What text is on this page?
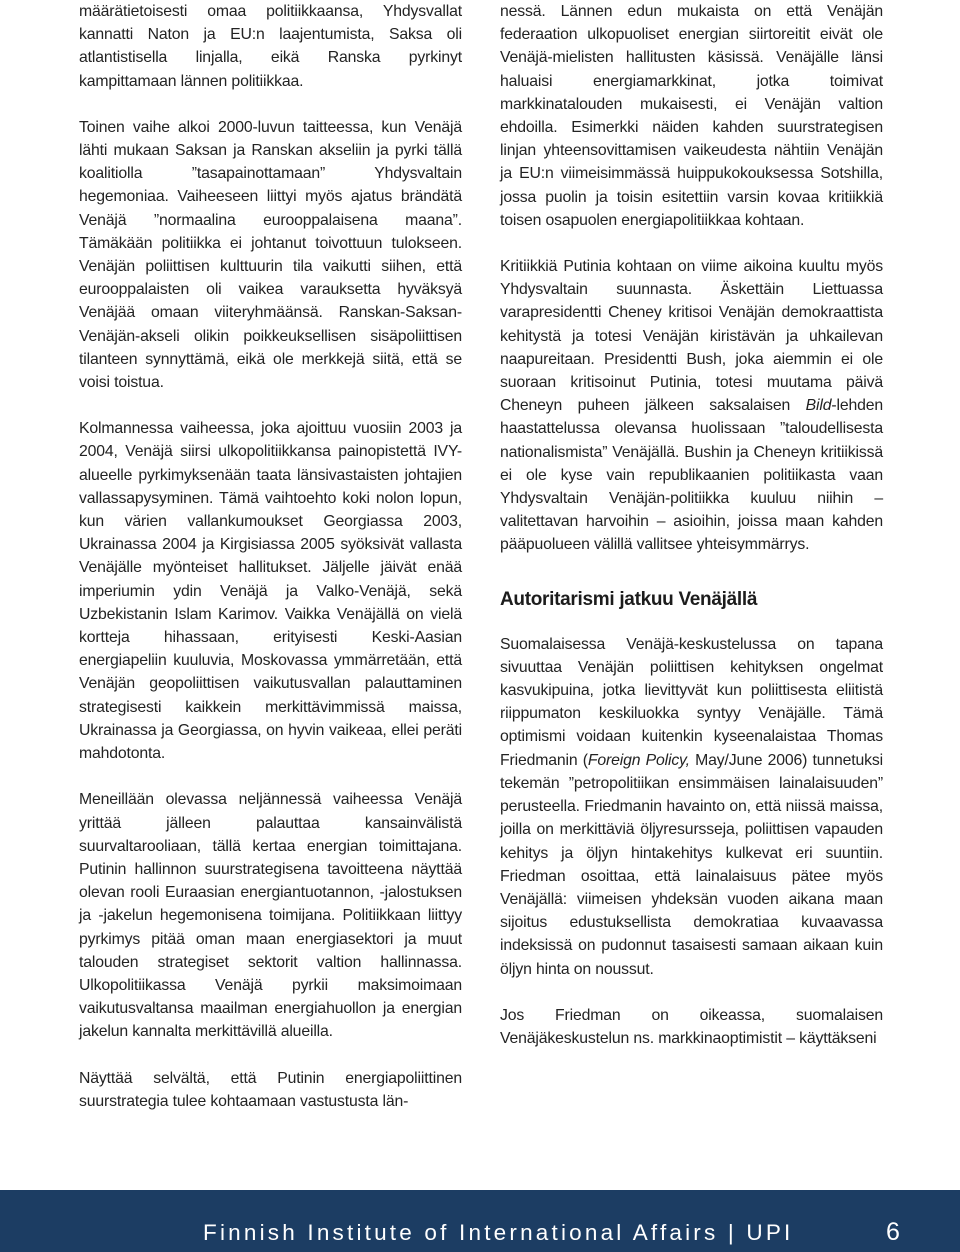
määrätietoisesti omaa politiikkaansa, Yhdysvallat kannatti Naton ja EU:n laajentumista, Saksa oli atlantistisella linjalla, eikä Ranska pyrkinyt kampittamaan lännen politiikkaa.

Toinen vaihe alkoi 2000-luvun taitteessa, kun Venäjä lähti mukaan Saksan ja Ranskan akseliin ja pyrki tällä koalitiolla ”tasapainottamaan” Yhdysvaltain hegemoniaa. Vaiheeseen liittyi myös ajatus brändätä Venäjä ”normaalina eurooppalaisena maana”. Tämäkään politiikka ei johtanut toivottuun tulokseen. Venäjän poliittisen kulttuurin tila vaikutti siihen, että eurooppalaisten oli vaikea varauksetta hyväksyä Venäjää omaan viiteryhmäänsä. Ranskan-Saksan-Venäjän-akseli olikin poikkeuksellisen sisäpoliittisen tilanteen synnyttämä, eikä ole merkkejä siitä, että se voisi toistua.

Kolmannessa vaiheessa, joka ajoittuu vuosiin 2003 ja 2004, Venäjä siirsi ulkopolitiikkansa painopistettä IVY-alueelle pyrkimyksenään taata länsivastaisten johtajien vallassapysyminen. Tämä vaihtoehto koki nolon lopun, kun värien vallankumoukset Georgiassa 2003, Ukrainassa 2004 ja Kirgisiassa 2005 syöksivät vallasta Venäjälle myönteiset hallitukset. Jäljelle jäivät enää imperiumin ydin Venäjä ja Valko-Venäjä, sekä Uzbekistanin Islam Karimov. Vaikka Venäjällä on vielä kortteja hihassaan, erityisesti Keski-Aasian energiapeliin kuuluvia, Moskovassa ymmärretään, että Venäjän geopoliittisen vaikutusvallan palauttaminen strategisesti kaikkein merkittävimmissä maissa, Ukrainassa ja Georgiassa, on hyvin vaikeaa, ellei peräti mahdotonta.

Meneillään olevassa neljännessä vaiheessa Venäjä yrittää jälleen palauttaa kansainvälistä suurvaltarooliaan, tällä kertaa energian toimittajana. Putinin hallinnon suurstrategisena tavoitteena näyttää olevan rooli Euraasian energiantuotannon, -jalostuksen ja -jakelun hegemonisena toimijana. Politiikkaan liittyy pyrkimys pitää oman maan energiasektori ja muut talouden strategiset sektorit valtion hallinnassa. Ulkopolitiikassa Venäjä pyrkii maksimoimaan vaikutusvaltansa maailman energiahuollon ja energian jakelun kannalta merkittävillä alueilla.

Näyttää selvältä, että Putinin energiapoliittinen suurstrategia tulee kohtaamaan vastustusta län-

nessä. Lännen edun mukaista on että Venäjän federaation ulkopuoliset energian siirtoreitit eivät ole Venäjä-mielisten hallitusten käsissä. Venäjälle länsi haluaisi energiamarkkinat, jotka toimivat markkinatalouden mukaisesti, ei Venäjän valtion ehdoilla. Esimerkki näiden kahden suurstrategisen linjan yhteensovittamisen vaikeudesta nähtiin Venäjän ja EU:n viimeisimmässä huippukokouksessa Sotshilla, jossa puolin ja toisin esitettiin varsin kovaa kritiikkiä toisen osapuolen energiapolitiikkaa kohtaan.

Kritiikkiä Putinia kohtaan on viime aikoina kuultu myös Yhdysvaltain suunnasta. Äskettäin Liettuassa varapresidentti Cheney kritisoi Venäjän demokraattista kehitystä ja totesi Venäjän kiristävän ja uhkailevan naapureitaan. Presidentti Bush, joka aiemmin ei ole suoraan kritisoinut Putinia, totesi muutama päivä Cheneyn puheen jälkeen saksalaisen Bild-lehden haastattelussa olevansa huolissaan ”taloudellisesta nationalismista” Venäjällä. Bushin ja Cheneyn kritiikissä ei ole kyse vain republikaanien politiikasta vaan Yhdysvaltain Venäjän-politiikka kuuluu niihin – valitettavan harvoihin – asioihin, joissa maan kahden pääpuolueen välillä vallitsee yhteisymmärrys.

Autoritarismi jatkuu Venäjällä

Suomalaisessa Venäjä-keskustelussa on tapana sivuuttaa Venäjän poliittisen kehityksen ongelmat kasvukipuina, jotka lievittyvät kun poliittisesta eliitistä riippumaton keskiluokka syntyy Venäjälle. Tämä optimismi voidaan kuitenkin kyseenalaistaa Thomas Friedmanin (Foreign Policy, May/June 2006) tunnetuksi tekemän ”petropolitiikan ensimmäisen lainalaisuuden” perusteella. Friedmanin havainto on, että niissä maissa, joilla on merkittäviä öljyresursseja, poliittisen vapauden kehitys ja öljyn hintakehitys kulkevat eri suuntiin. Friedman osoittaa, että lainalaisuus pätee myös Venäjällä: viimeisen yhdeksän vuoden aikana maan sijoitus edustuksellista demokratiaa kuvaavassa indeksissä on pudonnut tasaisesti samaan aikaan kuin öljyn hinta on noussut.

Jos Friedman on oikeassa, suomalaisen Venäjäkeskustelun ns. markkinaoptimistit – käyttäkseni

Finnish Institute of International Affairs | UPI	6
